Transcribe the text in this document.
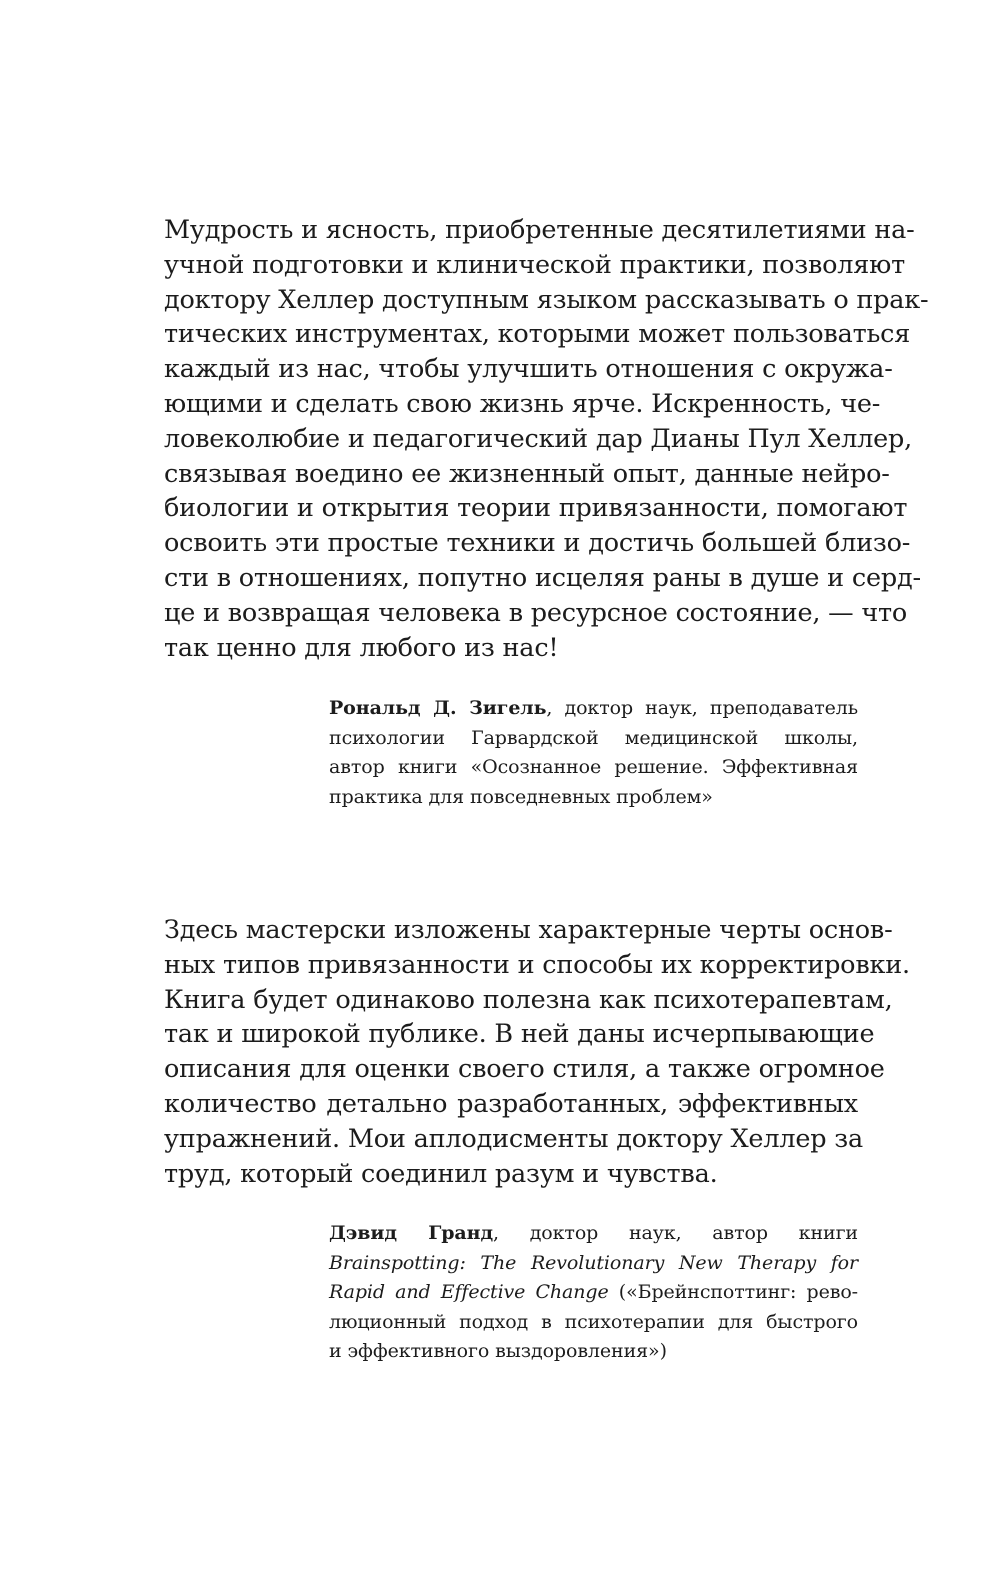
Мудрость и ясность, приобретенные десятилетиями на-
учной подготовки и клинической практики, позволяют
доктору Хеллер доступным языком рассказывать о прак-
тических инструментах, которыми может пользоваться
каждый из нас, чтобы улучшить отношения с окружа-
ющими и сделать свою жизнь ярче. Искренность, че-
ловеколюбие и педагогический дар Дианы Пул Хеллер,
связывая воедино ее жизненный опыт, данные нейро-
биологии и открытия теории привязанности, помогают
освоить эти простые техники и достичь большей близо-
сти в отношениях, попутно исцеляя раны в душе и серд-
це и возвращая человека в ресурсное состояние, — что
так ценно для любого из нас!

Рональд Д. Зигель, доктор наук, преподаватель
психологии Гарвардской медицинской школы,
автор книги «Осознанное решение. Эффективная
практика для повседневных проблем»

Здесь мастерски изложены характерные черты основ-
ных типов привязанности и способы их корректировки.
Книга будет одинаково полезна как психотерапевтам,
так и широкой публике. В ней даны исчерпывающие
описания для оценки своего стиля, а также огромное
количество детально разработанных, эффективных
упражнений. Мои аплодисменты доктору Хеллер за
труд, который соединил разум и чувства.

Дэвид Гранд, доктор наук, автор книги
Brainspotting: The Revolutionary New Therapy for
Rapid and Effective Change («Брейнспоттинг: рево-
люционный подход в психотерапии для быстрого
и эффективного выздоровления»)
